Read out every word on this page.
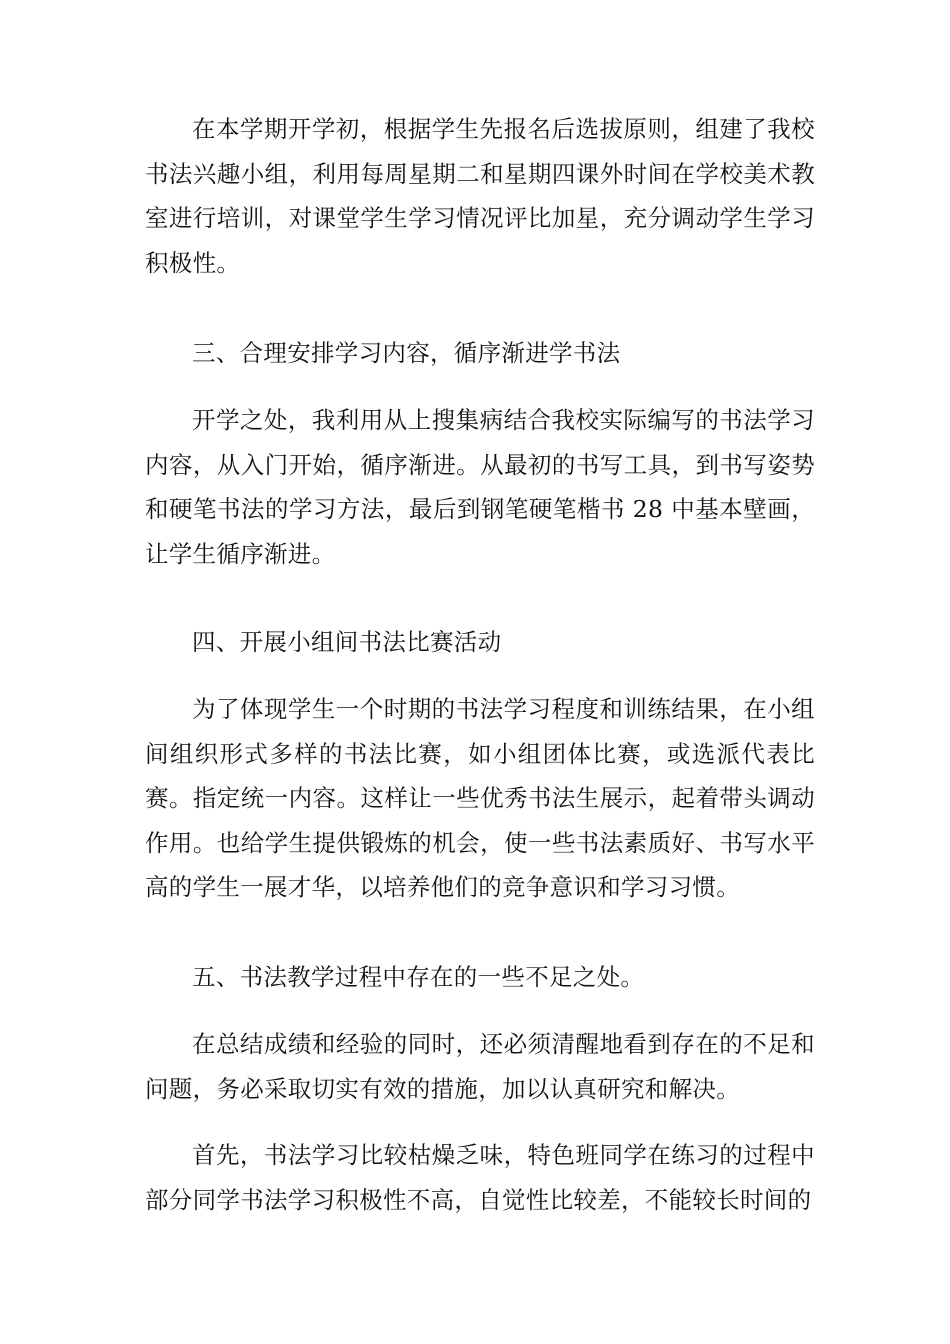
在本学期开学初，根据学生先报名后选拔原则，组建了我校书法兴趣小组，利用每周星期二和星期四课外时间在学校美术教室进行培训，对课堂学生学习情况评比加星，充分调动学生学习积极性。

三、合理安排学习内容，循序渐进学书法

开学之处，我利用从上搜集病结合我校实际编写的书法学习内容，从入门开始，循序渐进。从最初的书写工具，到书写姿势和硬笔书法的学习方法，最后到钢笔硬笔楷书 28 中基本壁画，让学生循序渐进。

四、开展小组间书法比赛活动

为了体现学生一个时期的书法学习程度和训练结果，在小组间组织形式多样的书法比赛，如小组团体比赛，或选派代表比赛。指定统一内容。这样让一些优秀书法生展示，起着带头调动作用。也给学生提供锻炼的机会，使一些书法素质好、书写水平高的学生一展才华，以培养他们的竞争意识和学习习惯。

五、书法教学过程中存在的一些不足之处。

在总结成绩和经验的同时，还必须清醒地看到存在的不足和问题，务必采取切实有效的措施，加以认真研究和解决。

首先，书法学习比较枯燥乏味，特色班同学在练习的过程中部分同学书法学习积极性不高，自觉性比较差，不能较长时间的
